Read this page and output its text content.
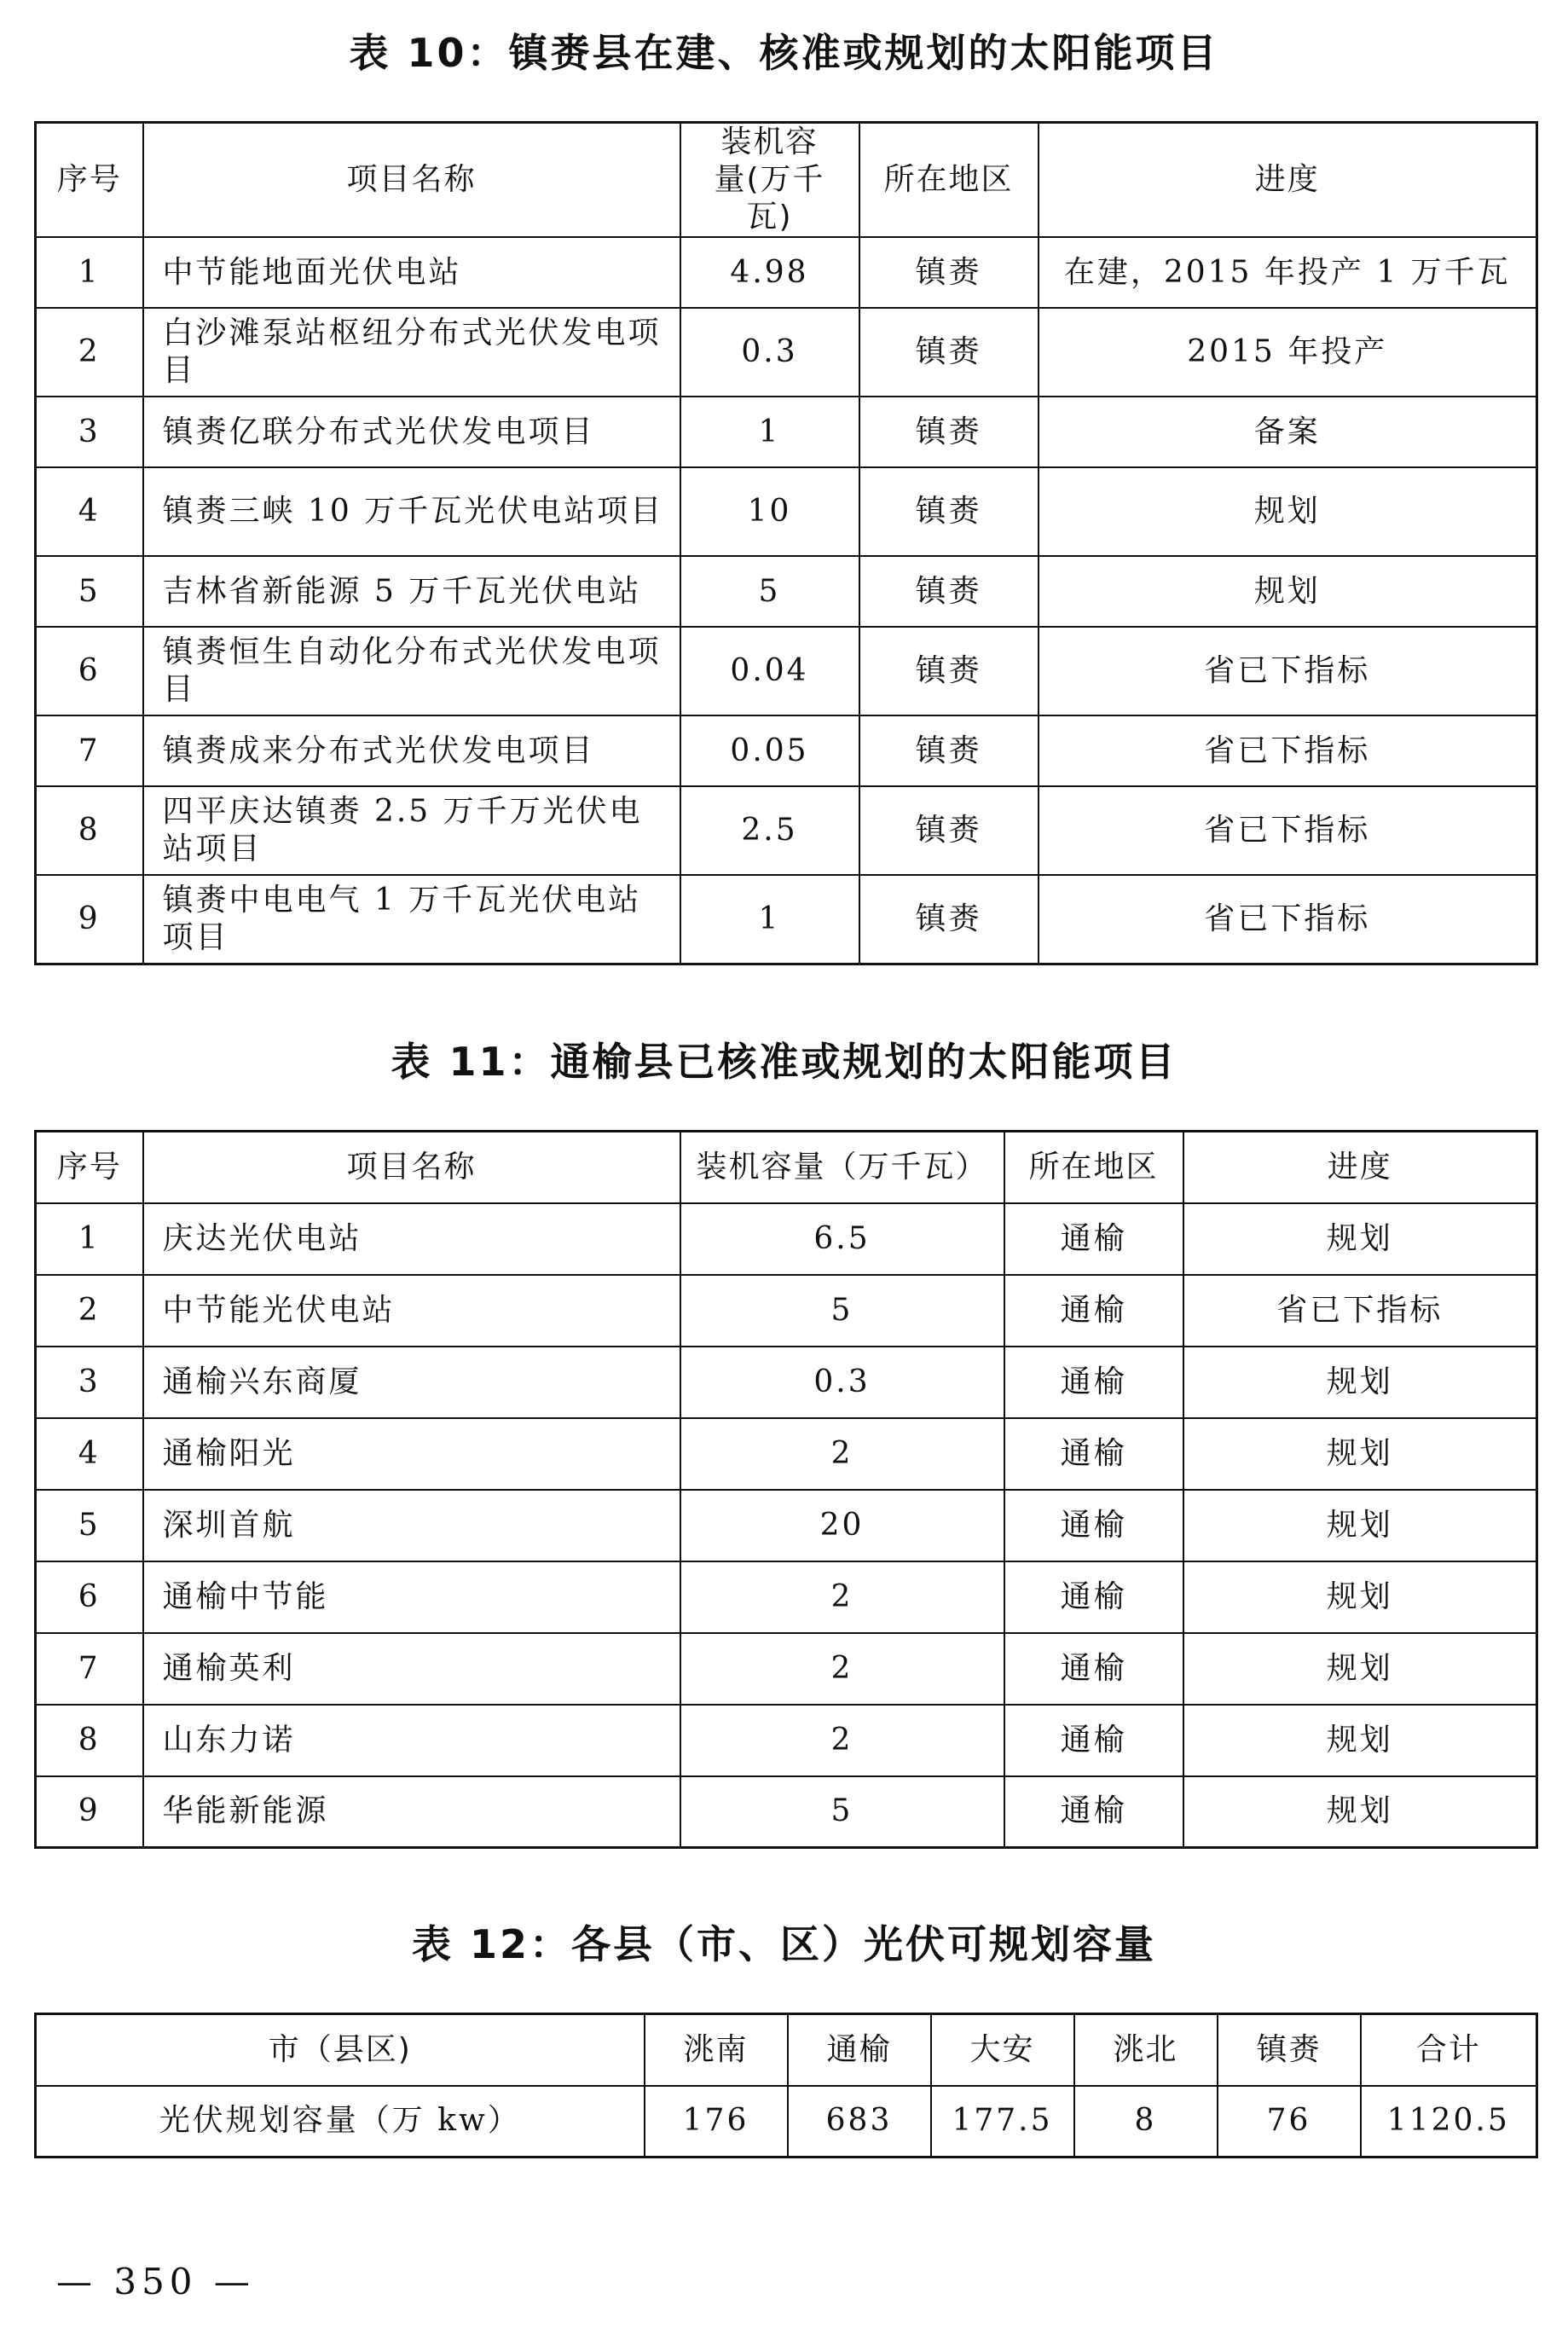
表 10：镇赉县在建、核准或规划的太阳能项目
序号	项目名称	装机容量(万千瓦)	所在地区	进度
1	中节能地面光伏电站	4.98	镇赉	在建，2015 年投产 1 万千瓦
2	白沙滩泵站枢纽分布式光伏发电项目	0.3	镇赉	2015 年投产
3	镇赉亿联分布式光伏发电项目	1	镇赉	备案
4	镇赉三峡 10 万千瓦光伏电站项目	10	镇赉	规划
5	吉林省新能源 5 万千瓦光伏电站	5	镇赉	规划
6	镇赉恒生自动化分布式光伏发电项目	0.04	镇赉	省已下指标
7	镇赉成来分布式光伏发电项目	0.05	镇赉	省已下指标
8	四平庆达镇赉 2.5 万千万光伏电站项目	2.5	镇赉	省已下指标
9	镇赉中电电气 1 万千瓦光伏电站项目	1	镇赉	省已下指标
表 11：通榆县已核准或规划的太阳能项目
序号	项目名称	装机容量（万千瓦）	所在地区	进度
1	庆达光伏电站	6.5	通榆	规划
2	中节能光伏电站	5	通榆	省已下指标
3	通榆兴东商厦	0.3	通榆	规划
4	通榆阳光	2	通榆	规划
5	深圳首航	20	通榆	规划
6	通榆中节能	2	通榆	规划
7	通榆英利	2	通榆	规划
8	山东力诺	2	通榆	规划
9	华能新能源	5	通榆	规划
表 12：各县（市、区）光伏可规划容量
市（县区)	洮南	通榆	大安	洮北	镇赉	合计
光伏规划容量（万 kw）	176	683	177.5	8	76	1120.5
— 350 —
